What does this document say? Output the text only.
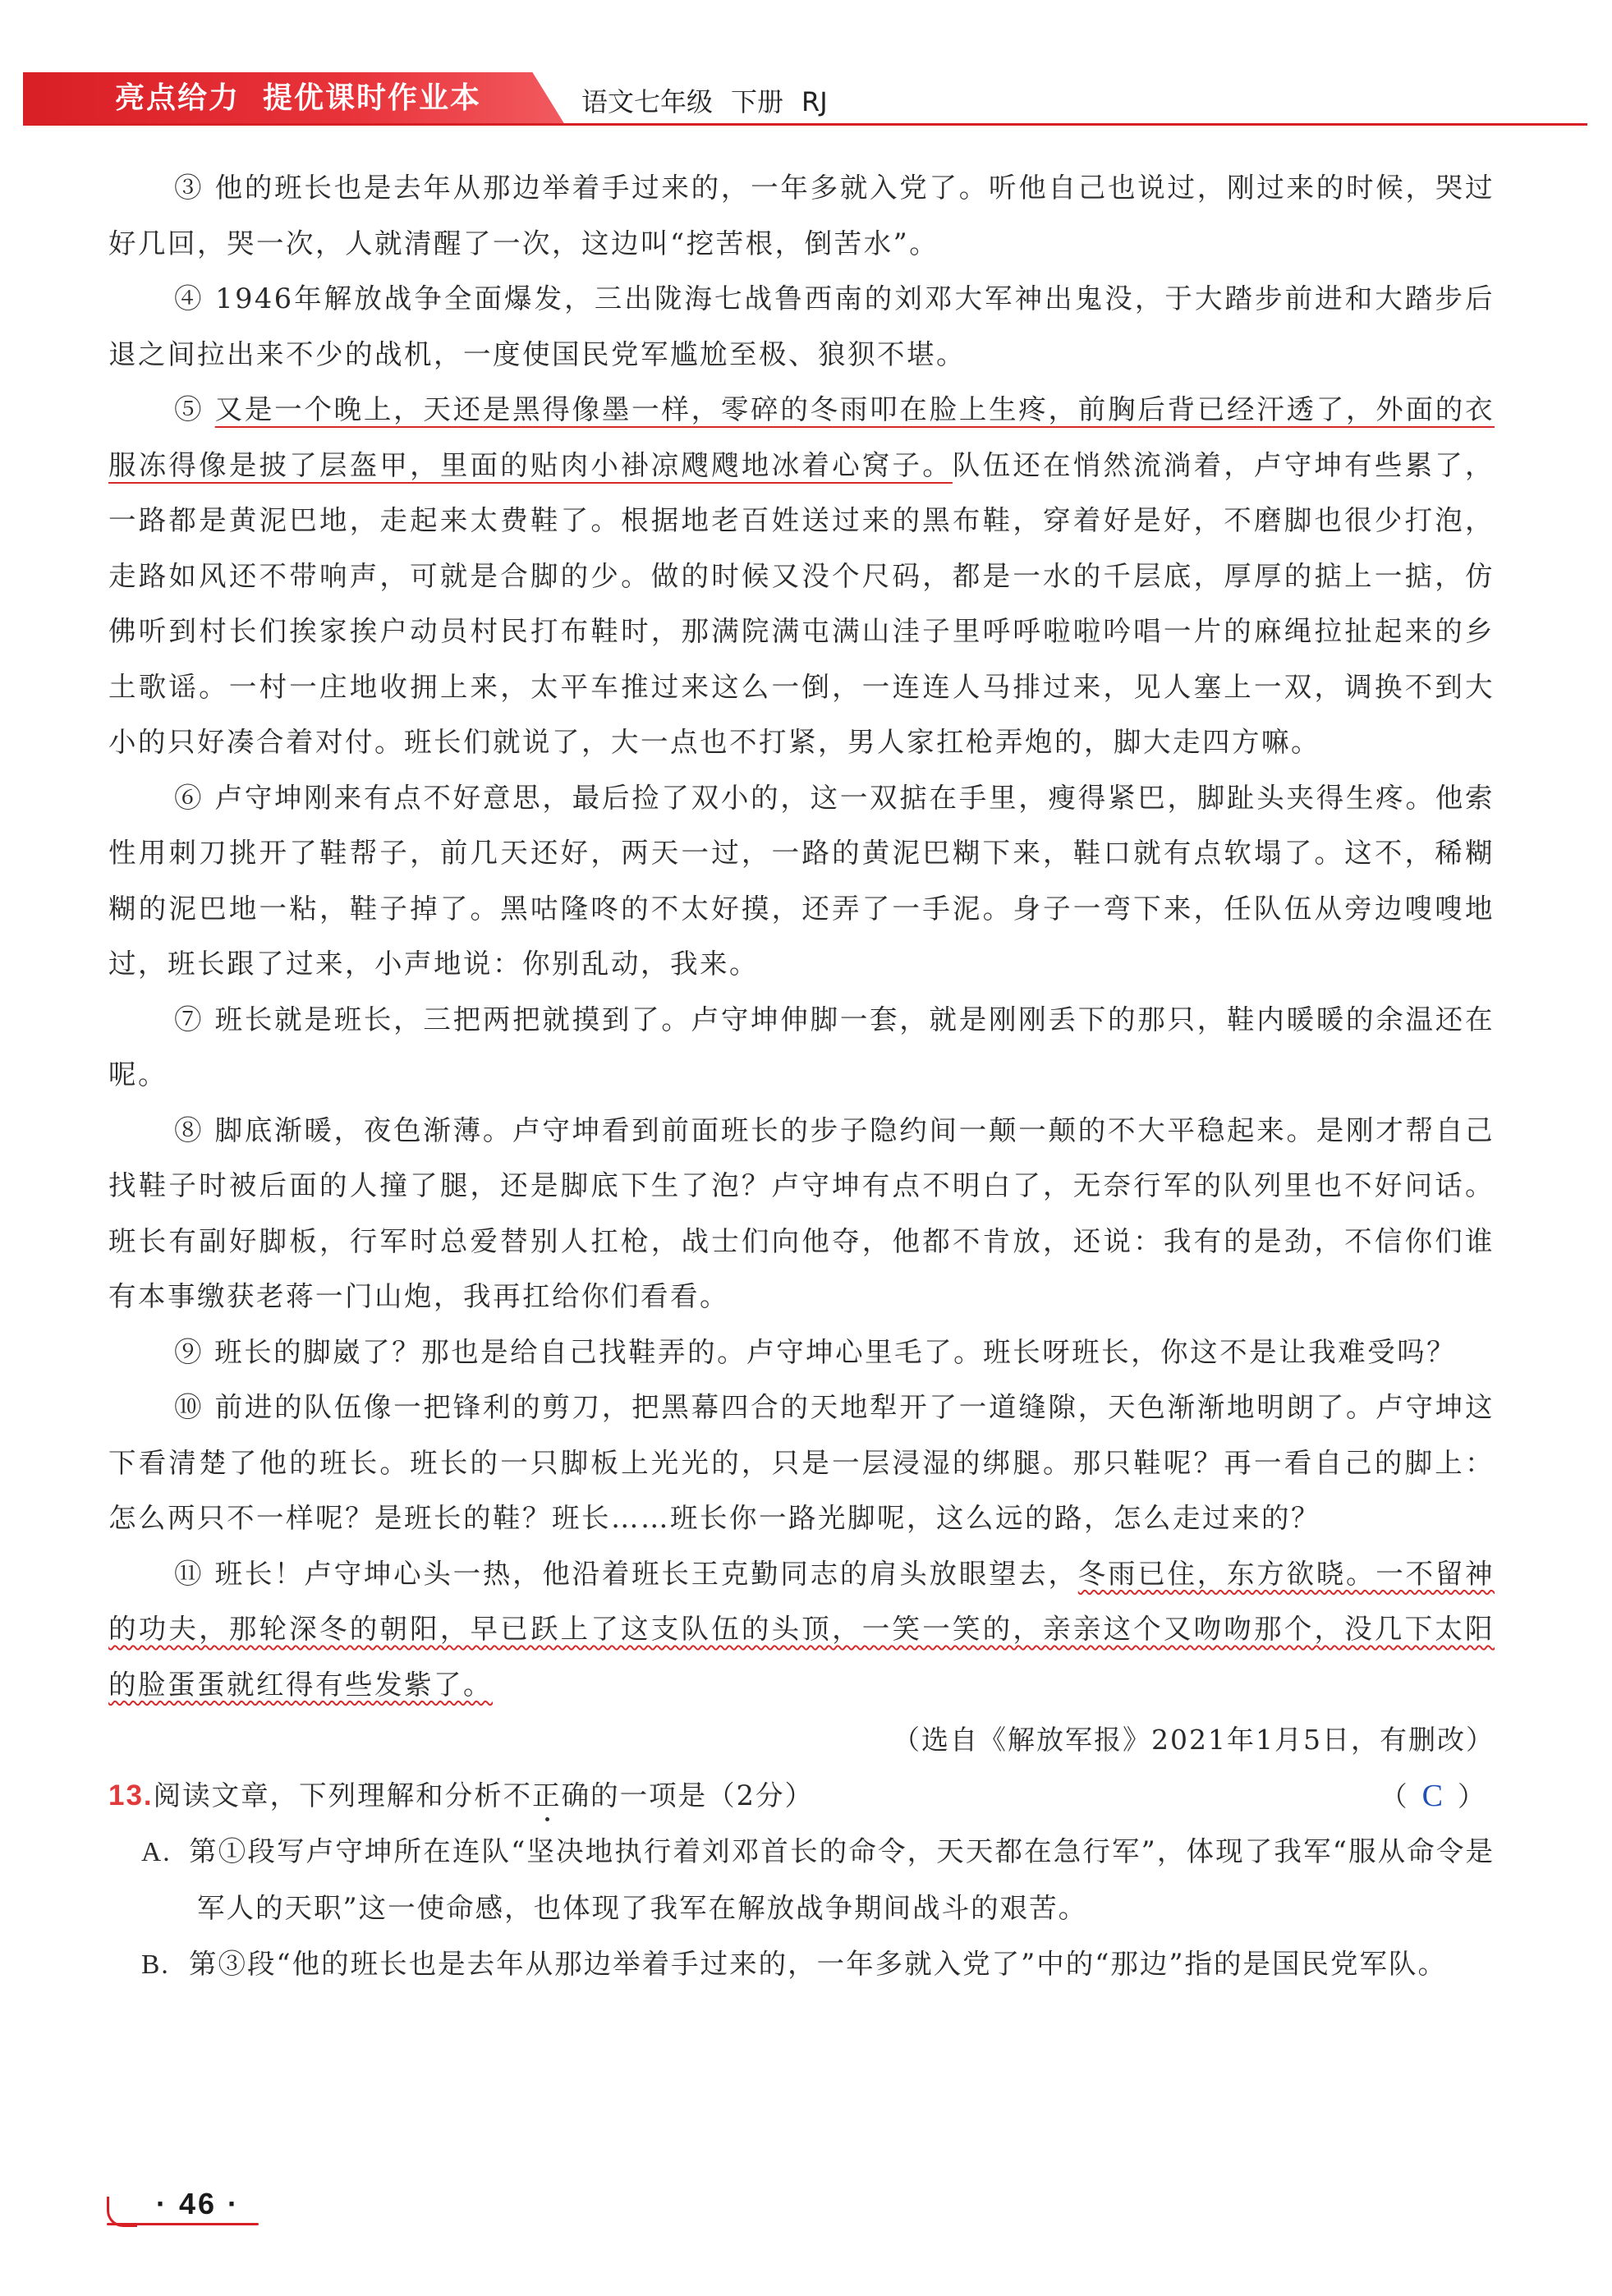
亮点给力 提优课时作业本	语文七年级 下册 RJ

③ 他的班长也是去年从那边举着手过来的，一年多就入党了。听他自己也说过，刚过来的时候，哭过好几回，哭一次，人就清醒了一次，这边叫“挖苦根，倒苦水”。

④ 1946年解放战争全面爆发，三出陇海七战鲁西南的刘邓大军神出鬼没，于大踏步前进和大踏步后退之间拉出来不少的战机，一度使国民党军尴尬至极、狼狈不堪。

⑤ 又是一个晚上，天还是黑得像墨一样，零碎的冬雨叩在脸上生疼，前胸后背已经汗透了，外面的衣服冻得像是披了层盔甲，里面的贴肉小褂凉飕飕地冰着心窝子。队伍还在悄然流淌着，卢守坤有些累了，一路都是黄泥巴地，走起来太费鞋了。根据地老百姓送过来的黑布鞋，穿着好是好，不磨脚也很少打泡，走路如风还不带响声，可就是合脚的少。做的时候又没个尺码，都是一水的千层底，厚厚的掂上一掂，仿佛听到村长们挨家挨户动员村民打布鞋时，那满院满屯满山洼子里呼呼啦啦吟唱一片的麻绳拉扯起来的乡土歌谣。一村一庄地收拥上来，太平车推过来这么一倒，一连连人马排过来，见人塞上一双，调换不到大小的只好凑合着对付。班长们就说了，大一点也不打紧，男人家扛枪弄炮的，脚大走四方嘛。

⑥ 卢守坤刚来有点不好意思，最后捡了双小的，这一双掂在手里，瘦得紧巴，脚趾头夹得生疼。他索性用刺刀挑开了鞋帮子，前几天还好，两天一过，一路的黄泥巴糊下来，鞋口就有点软塌了。这不，稀糊糊的泥巴地一粘，鞋子掉了。黑咕隆咚的不太好摸，还弄了一手泥。身子一弯下来，任队伍从旁边嗖嗖地过，班长跟了过来，小声地说：你别乱动，我来。

⑦ 班长就是班长，三把两把就摸到了。卢守坤伸脚一套，就是刚刚丢下的那只，鞋内暖暖的余温还在呢。

⑧ 脚底渐暖，夜色渐薄。卢守坤看到前面班长的步子隐约间一颠一颠的不大平稳起来。是刚才帮自己找鞋子时被后面的人撞了腿，还是脚底下生了泡？卢守坤有点不明白了，无奈行军的队列里也不好问话。班长有副好脚板，行军时总爱替别人扛枪，战士们向他夺，他都不肯放，还说：我有的是劲，不信你们谁有本事缴获老蒋一门山炮，我再扛给你们看看。

⑨ 班长的脚崴了？那也是给自己找鞋弄的。卢守坤心里毛了。班长呀班长，你这不是让我难受吗？

⑩ 前进的队伍像一把锋利的剪刀，把黑幕四合的天地犁开了一道缝隙，天色渐渐地明朗了。卢守坤这下看清楚了他的班长。班长的一只脚板上光光的，只是一层浸湿的绑腿。那只鞋呢？再一看自己的脚上：怎么两只不一样呢？是班长的鞋？班长……班长你一路光脚呢，这么远的路，怎么走过来的？

⑪ 班长！卢守坤心头一热，他沿着班长王克勤同志的肩头放眼望去，冬雨已住，东方欲晓。一不留神的功夫，那轮深冬的朝阳，早已跃上了这支队伍的头顶，一笑一笑的，亲亲这个又吻吻那个，没几下太阳的脸蛋蛋就红得有些发紫了。

（选自《解放军报》2021年1月5日，有删改）

13.阅读文章，下列理解和分析不正确的一项是（2分）	（ C ）

A. 第①段写卢守坤所在连队“坚决地执行着刘邓首长的命令，天天都在急行军”，体现了我军“服从命令是军人的天职”这一使命感，也体现了我军在解放战争期间战斗的艰苦。

B. 第③段“他的班长也是去年从那边举着手过来的，一年多就入党了”中的“那边”指的是国民党军队。

· 46 ·
